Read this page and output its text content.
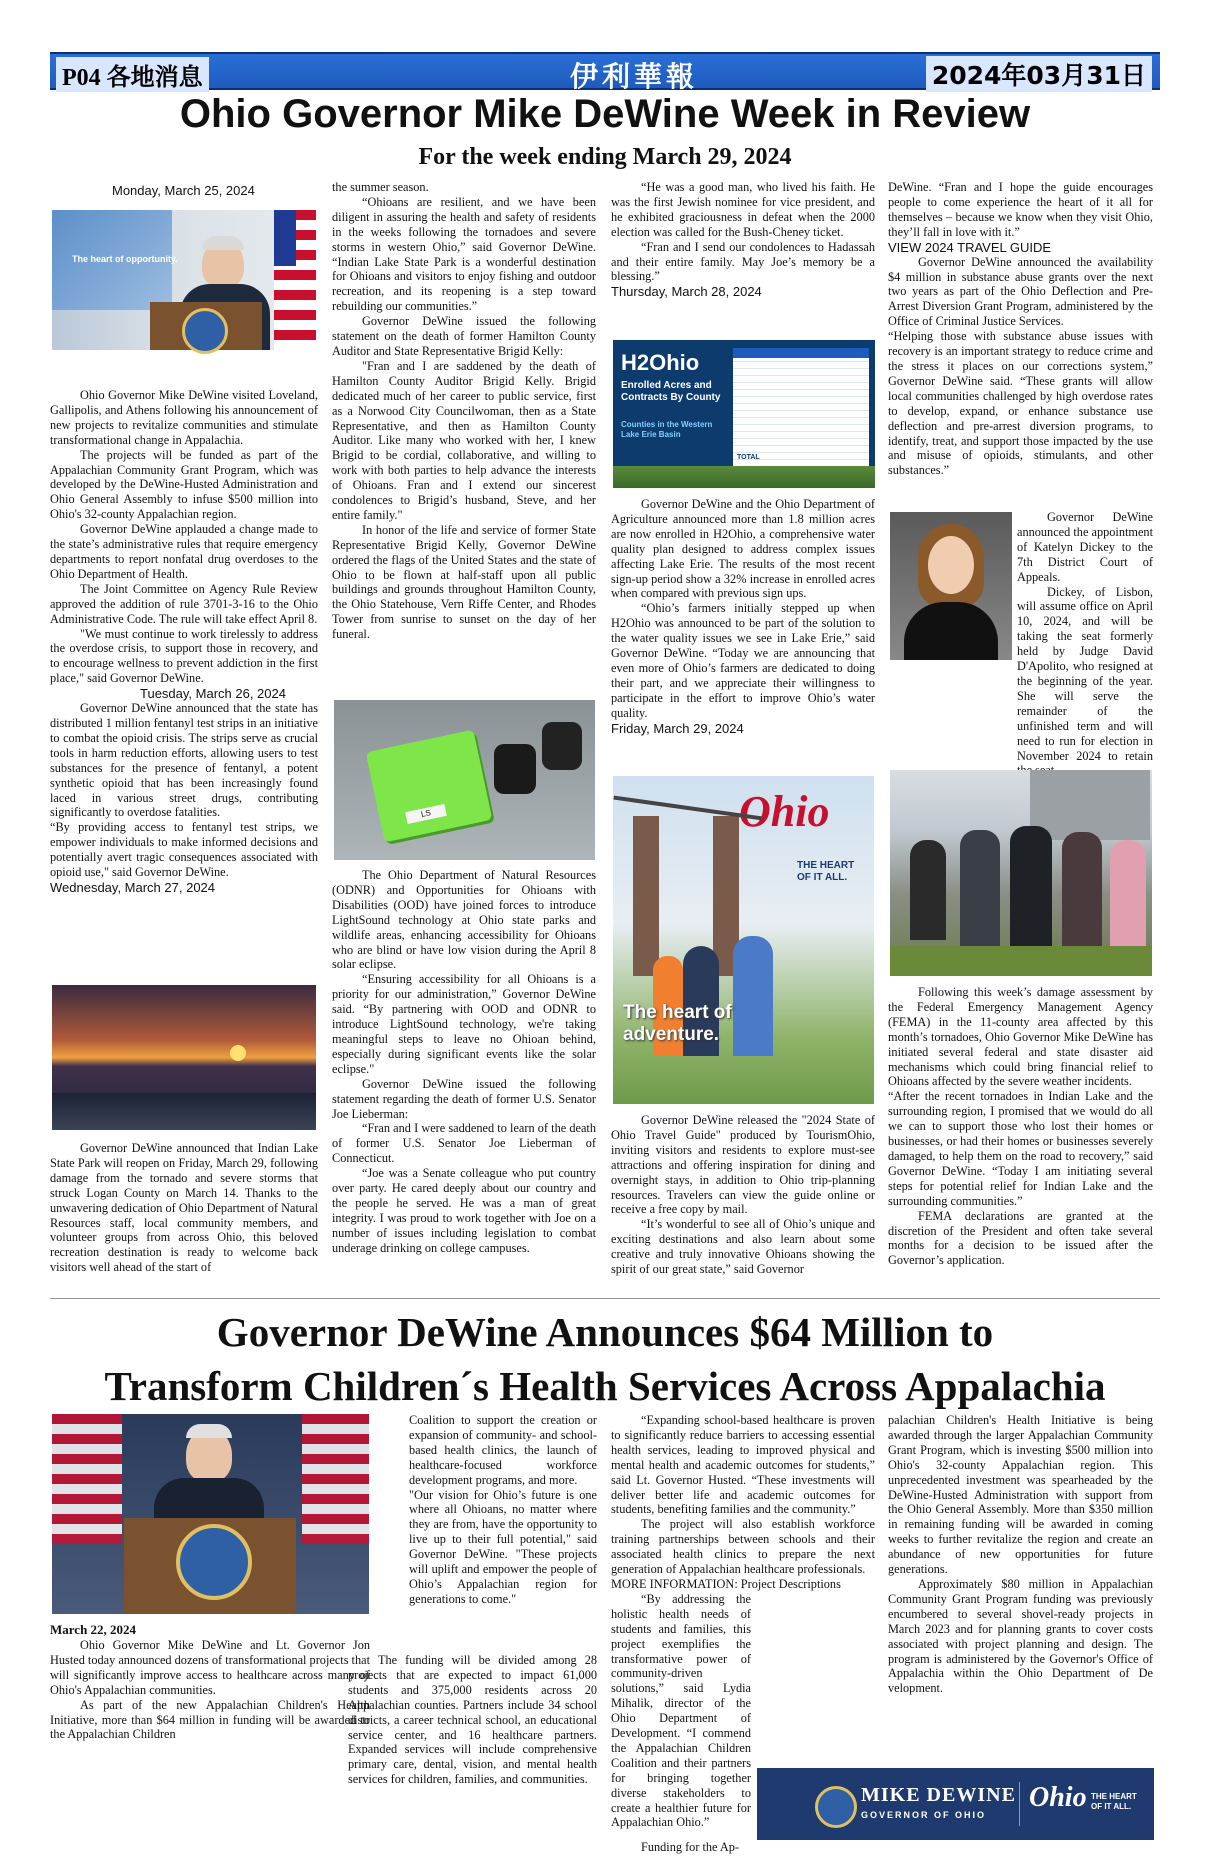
P04 各地消息	伊利華報	2024年03月31日
Ohio Governor Mike DeWine Week in Review
For the week ending March 29, 2024
Monday, March 25, 2024
The heart of opportunity.

Ohio Governor Mike DeWine visited Loveland, Gallipolis, and Athens following his announcement of new projects to revitalize communities and stimulate transformational change in Appalachia.

The projects will be funded as part of the Appalachian Community Grant Program, which was developed by the DeWine-Husted Administration and Ohio General Assembly to infuse $500 million into Ohio's 32-county Appalachian region.

Governor DeWine applauded a change made to the state’s administrative rules that require emergency departments to report nonfatal drug overdoses to the Ohio Department of Health.

The Joint Committee on Agency Rule Review approved the addition of rule 3701-3-16 to the Ohio Administrative Code. The rule will take effect April 8.

"We must continue to work tirelessly to address the overdose crisis, to support those in recovery, and to encourage wellness to prevent addiction in the first place," said Governor DeWine.

Tuesday, March 26, 2024

Governor DeWine announced that the state has distributed 1 million fentanyl test strips in an initiative to combat the opioid crisis. The strips serve as crucial tools in harm reduction efforts, allowing users to test substances for the presence of fentanyl, a potent synthetic opioid that has been increasingly found laced in various street drugs, contributing significantly to overdose fatalities.

“By providing access to fentanyl test strips, we empower individuals to make informed decisions and potentially avert tragic consequences associated with opioid use," said Governor DeWine.

Wednesday, March 27, 2024

Governor DeWine announced that Indian Lake State Park will reopen on Friday, March 29, following damage from the tornado and severe storms that struck Logan County on March 14. Thanks to the unwavering dedication of Ohio Department of Natural Resources staff, local community members, and volunteer groups from across Ohio, this beloved recreation destination is ready to welcome back visitors well ahead of the start of

the summer season.

“Ohioans are resilient, and we have been diligent in assuring the health and safety of residents in the weeks following the tornadoes and severe storms in western Ohio,” said Governor DeWine. “Indian Lake State Park is a wonderful destination for Ohioans and visitors to enjoy fishing and outdoor recreation, and its reopening is a step toward rebuilding our communities.”

Governor DeWine issued the following statement on the death of former Hamilton County Auditor and State Representative Brigid Kelly:

"Fran and I are saddened by the death of Hamilton County Auditor Brigid Kelly. Brigid dedicated much of her career to public service, first as a Norwood City Councilwoman, then as a State Representative, and then as Hamilton County Auditor. Like many who worked with her, I knew Brigid to be cordial, collaborative, and willing to work with both parties to help advance the interests of Ohioans. Fran and I extend our sincerest condolences to Brigid’s husband, Steve, and her entire family."

In honor of the life and service of former State Representative Brigid Kelly, Governor DeWine ordered the flags of the United States and the state of Ohio to be flown at half-staff upon all public buildings and grounds throughout Hamilton County, the Ohio Statehouse, Vern Riffe Center, and Rhodes Tower from sunrise to sunset on the day of her funeral.

LS

The Ohio Department of Natural Resources (ODNR) and Opportunities for Ohioans with Disabilities (OOD) have joined forces to introduce LightSound technology at Ohio state parks and wildlife areas, enhancing accessibility for Ohioans who are blind or have low vision during the April 8 solar eclipse.

“Ensuring accessibility for all Ohioans is a priority for our administration,” Governor DeWine said. “By partnering with OOD and ODNR to introduce LightSound technology, we're taking meaningful steps to leave no Ohioan behind, especially during significant events like the solar eclipse."

Governor DeWine issued the following statement regarding the death of former U.S. Senator Joe Lieberman:

“Fran and I were saddened to learn of the death of former U.S. Senator Joe Lieberman of Connecticut.

“Joe was a Senate colleague who put country over party. He cared deeply about our country and the people he served. He was a man of great integrity. I was proud to work together with Joe on a number of issues including legislation to combat underage drinking on college campuses.

“He was a good man, who lived his faith. He was the first Jewish nominee for vice president, and he exhibited graciousness in defeat when the 2000 election was called for the Bush-Cheney ticket.

“Fran and I send our condolences to Hadassah and their entire family. May Joe’s memory be a blessing.”

Thursday, March 28, 2024
H2Ohio
Enrolled Acres and Contracts By County
Counties in the Western Lake Erie Basin
TOTAL

Governor DeWine and the Ohio Department of Agriculture announced more than 1.8 million acres are now enrolled in H2Ohio, a comprehensive water quality plan designed to address complex issues affecting Lake Erie. The results of the most recent sign-up period show a 32% increase in enrolled acres when compared with previous sign ups.

“Ohio’s farmers initially stepped up when H2Ohio was announced to be part of the solution to the water quality issues we see in Lake Erie,” said Governor DeWine. “Today we are announcing that even more of Ohio’s farmers are dedicated to doing their part, and we appreciate their willingness to participate in the effort to improve Ohio’s water quality.

Friday, March 29, 2024
Ohio
THE HEART OF IT ALL.
The heart of adventure.

Governor DeWine released the "2024 State of Ohio Travel Guide" produced by TourismOhio, inviting visitors and residents to explore must-see attractions and offering inspiration for dining and overnight stays, in addition to Ohio trip-planning resources. Travelers can view the guide online or receive a free copy by mail.

“It’s wonderful to see all of Ohio’s unique and exciting destinations and also learn about some creative and truly innovative Ohioans showing the spirit of our great state,” said Governor

DeWine. “Fran and I hope the guide encourages people to come experience the heart of it all for themselves – because we know when they visit Ohio, they’ll fall in love with it.”

VIEW 2024 TRAVEL GUIDE

Governor DeWine announced the availability $4 million in substance abuse grants over the next two years as part of the Ohio Deflection and Pre-Arrest Diversion Grant Program, administered by the Office of Criminal Justice Services.

“Helping those with substance abuse issues with recovery is an important strategy to reduce crime and the stress it places on our corrections system,” Governor DeWine said. “These grants will allow local communities challenged by high overdose rates to develop, expand, or enhance substance use deflection and pre-arrest diversion programs, to identify, treat, and support those impacted by the use and misuse of opioids, stimulants, and other substances.”

Governor DeWine announced the appointment of Katelyn Dickey to the 7th District Court of Appeals.

Dickey, of Lisbon, will assume office on April 10, 2024, and will be taking the seat formerly held by Judge David D'Apolito, who resigned at the beginning of the year. She will serve the remainder of the unfinished term and will need to run for election in November 2024 to retain

Following this week’s damage assessment by the Federal Emergency Management Agency (FEMA) in the 11-county area affected by this month’s tornadoes, Ohio Governor Mike DeWine has initiated several federal and state disaster aid mechanisms which could bring financial relief to Ohioans affected by the severe weather incidents.

“After the recent tornadoes in Indian Lake and the surrounding region, I promised that we would do all we can to support those who lost their homes or businesses, or had their homes or businesses severely damaged, to help them on the road to recovery,” said Governor DeWine. “Today I am initiating several steps for potential relief for Indian Lake and the surrounding communities.”

FEMA declarations are granted at the discretion of the President and often take several months for a decision to be issued after the Governor’s application.

Governor DeWine Announces $64 Million to
Transform Children´s Health Services Across Appalachia
March 22, 2024

Ohio Governor Mike DeWine and Lt. Governor Jon Husted today announced dozens of transformational projects that will significantly improve access to healthcare across many of Ohio's Appalachian communities.

As part of the new Appalachian Children's Health Initiative, more than $64 million in funding will be awarded to the Appalachian Children

Coalition to support the creation or expansion of community- and school-based health clinics, the launch of healthcare-focused workforce development programs, and more.

"Our vision for Ohio’s future is one where all Ohioans, no matter where they are from, have the opportunity to live up to their full potential," said Governor DeWine. "These projects will uplift and empower the people of Ohio’s Appalachian region for generations to come."

The funding will be divided among 28 projects that are expected to impact 61,000 students and 375,000 residents across 20 Appalachian counties. Partners include 34 school districts, a career technical school, an educational service center, and 16 healthcare partners. Expanded services will include comprehensive primary care, dental, vision, and mental health services for children, families, and communities.

“Expanding school-based healthcare is proven to significantly reduce barriers to accessing essential health services, leading to improved physical and mental health and academic outcomes for students,” said Lt. Governor Husted. “These investments will deliver better life and academic outcomes for students, benefiting families and the community.”

The project will also establish workforce training partnerships between schools and their associated health clinics to prepare the next generation of Appalachian healthcare professionals.

MORE INFORMATION: Project Descriptions

“By addressing the holistic health needs of students and families, this project exemplifies the transformative power of community-driven solutions,” said Lydia Mihalik, director of the Ohio Department of Development. “I commend the Appalachian Children Coalition and their partners for bringing together diverse stakeholders to create a healthier future for Appalachian Ohio.”

Funding for the Ap-

palachian Children's Health Initiative is being awarded through the larger Appalachian Community Grant Program, which is investing $500 million into Ohio's 32-county Appalachian region. This unprecedented investment was spearheaded by the DeWine-Husted Administration with support from the Ohio General Assembly. More than $350 million in remaining funding will be awarded in coming weeks to further revitalize the region and create an abundance of new opportunities for future generations.

Approximately $80 million in Appalachian Community Grant Program funding was previously encumbered to several shovel-ready projects in March 2023 and for planning grants to cover costs associated with project planning and design. The program is administered by the Governor's Office of Appalachia within the Ohio Department of De velopment.

MIKE DEWINE
GOVERNOR OF OHIO
Ohio THE HEART OF IT ALL.
